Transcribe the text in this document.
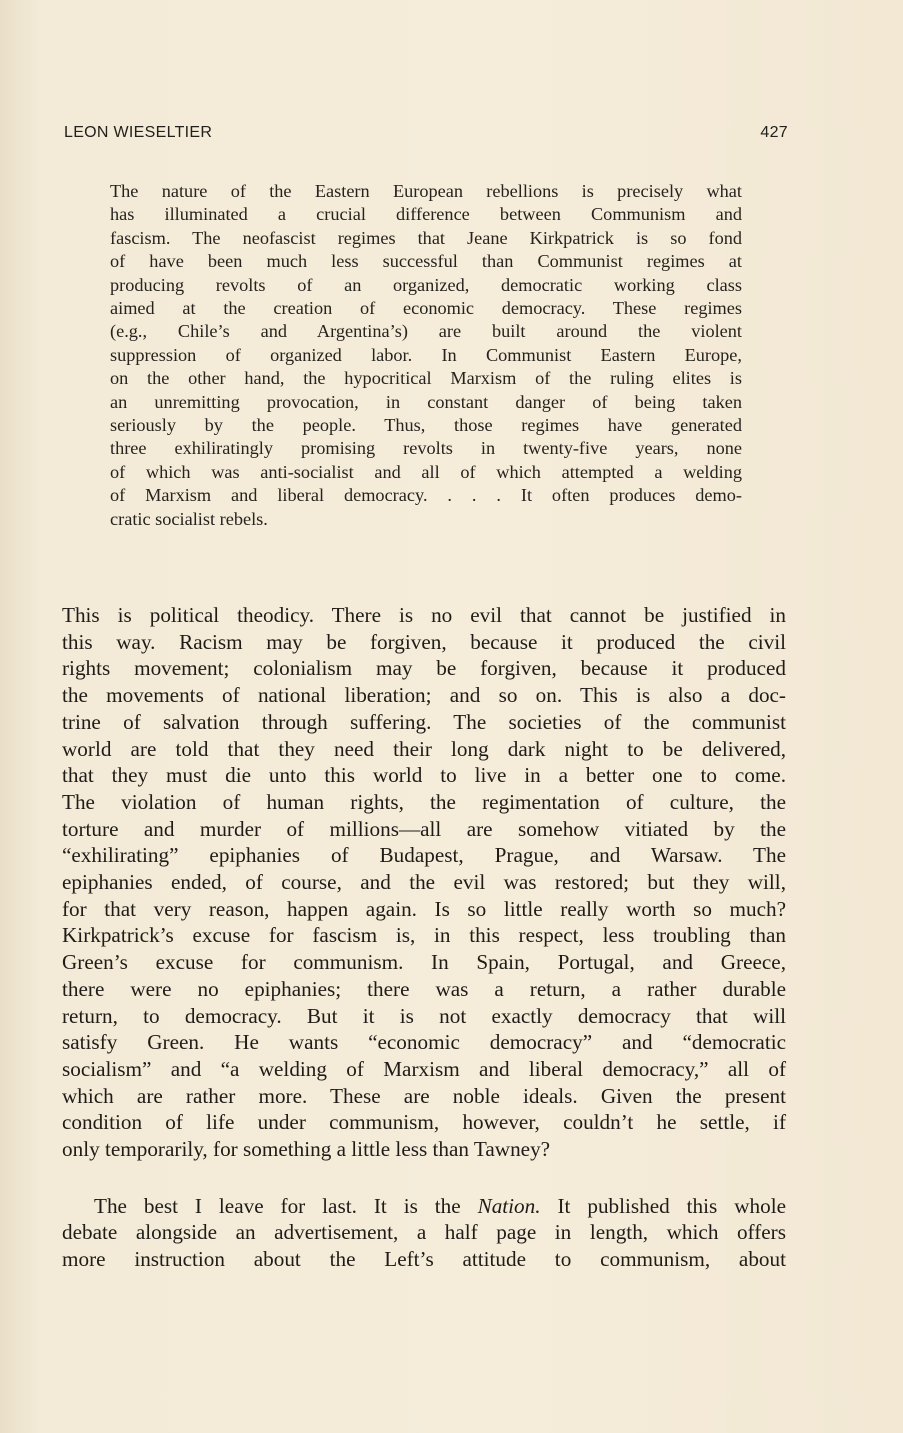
LEON WIESELTIER	427
The nature of the Eastern European rebellions is precisely what
has illuminated a crucial difference between Communism and
fascism. The neofascist regimes that Jeane Kirkpatrick is so fond
of have been much less successful than Communist regimes at
producing revolts of an organized, democratic working class
aimed at the creation of economic democracy. These regimes
(e.g., Chile’s and Argentina’s) are built around the violent
suppression of organized labor. In Communist Eastern Europe,
on the other hand, the hypocritical Marxism of the ruling elites is
an unremitting provocation, in constant danger of being taken
seriously by the people. Thus, those regimes have generated
three exhiliratingly promising revolts in twenty-five years, none
of which was anti-socialist and all of which attempted a welding
of Marxism and liberal democracy. . . . It often produces demo-
cratic socialist rebels.
This is political theodicy. There is no evil that cannot be justified in
this way. Racism may be forgiven, because it produced the civil
rights movement; colonialism may be forgiven, because it produced
the movements of national liberation; and so on. This is also a doc-
trine of salvation through suffering. The societies of the communist
world are told that they need their long dark night to be delivered,
that they must die unto this world to live in a better one to come.
The violation of human rights, the regimentation of culture, the
torture and murder of millions—all are somehow vitiated by the
“exhilirating” epiphanies of Budapest, Prague, and Warsaw. The
epiphanies ended, of course, and the evil was restored; but they will,
for that very reason, happen again. Is so little really worth so much?
Kirkpatrick’s excuse for fascism is, in this respect, less troubling than
Green’s excuse for communism. In Spain, Portugal, and Greece,
there were no epiphanies; there was a return, a rather durable
return, to democracy. But it is not exactly democracy that will
satisfy Green. He wants “economic democracy” and “democratic
socialism” and “a welding of Marxism and liberal democracy,” all of
which are rather more. These are noble ideals. Given the present
condition of life under communism, however, couldn’t he settle, if
only temporarily, for something a little less than Tawney?
The best I leave for last. It is the Nation. It published this whole
debate alongside an advertisement, a half page in length, which offers
more instruction about the Left’s attitude to communism, about
